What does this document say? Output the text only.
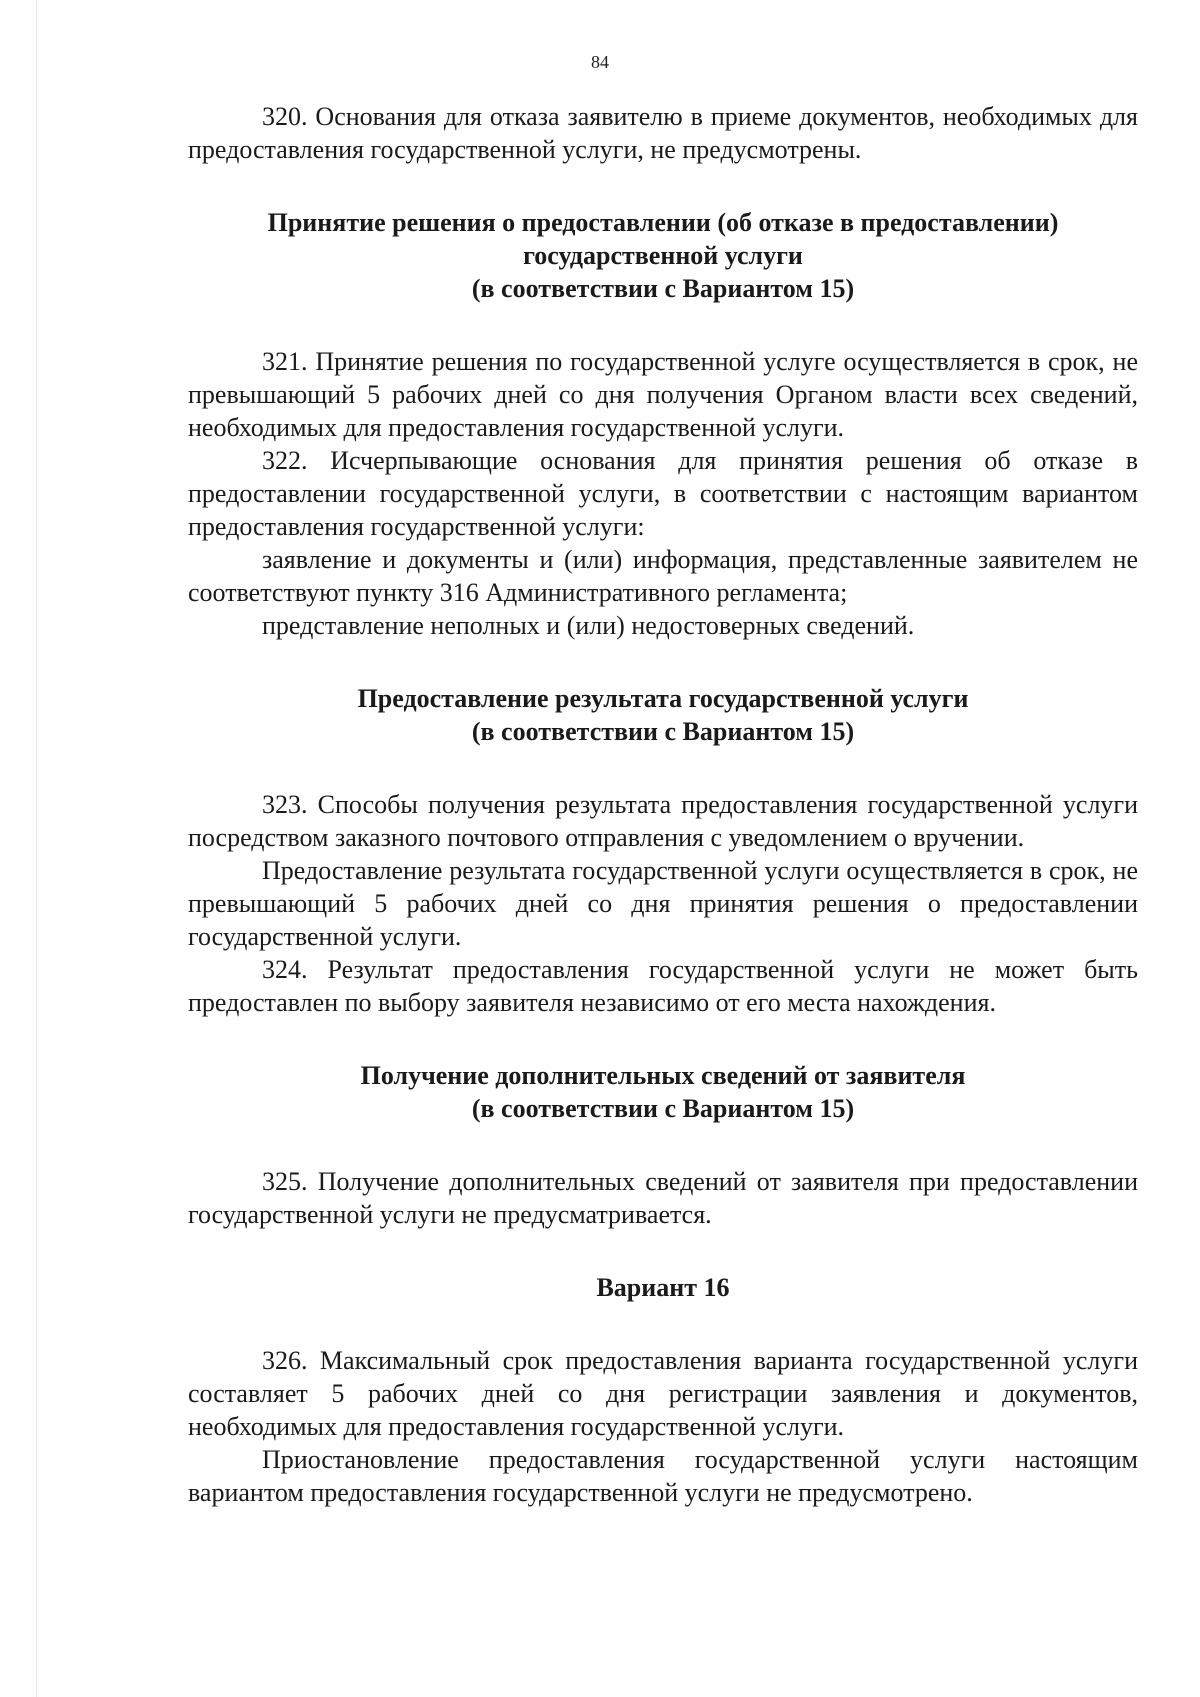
84

320. Основания для отказа заявителю в приеме документов, необходимых для предоставления государственной услуги, не предусмотрены.

Принятие решения о предоставлении (об отказе в предоставлении)

государственной услуги

(в соответствии с Вариантом 15)

321. Принятие решения по государственной услуге осуществляется в срок, не превышающий 5 рабочих дней со дня получения Органом власти всех сведений, необходимых для предоставления государственной услуги.

322. Исчерпывающие основания для принятия решения об отказе в предоставлении государственной услуги, в соответствии с настоящим вариантом предоставления государственной услуги:

заявление и документы и (или) информация, представленные заявителем не соответствуют пункту 316 Административного регламента;

представление неполных и (или) недостоверных сведений.

Предоставление результата государственной услуги

(в соответствии с Вариантом 15)

323. Способы получения результата предоставления государственной услуги посредством заказного почтового отправления с уведомлением о вручении.

Предоставление результата государственной услуги осуществляется в срок, не превышающий 5 рабочих дней со дня принятия решения о предоставлении государственной услуги.

324. Результат предоставления государственной услуги не может быть предоставлен по выбору заявителя независимо от его места нахождения.

Получение дополнительных сведений от заявителя

(в соответствии с Вариантом 15)

325. Получение дополнительных сведений от заявителя при предоставлении государственной услуги не предусматривается.

Вариант 16

326. Максимальный срок предоставления варианта государственной услуги составляет 5 рабочих дней со дня регистрации заявления и документов, необходимых для предоставления государственной услуги.

Приостановление предоставления государственной услуги настоящим вариантом предоставления государственной услуги не предусмотрено.
